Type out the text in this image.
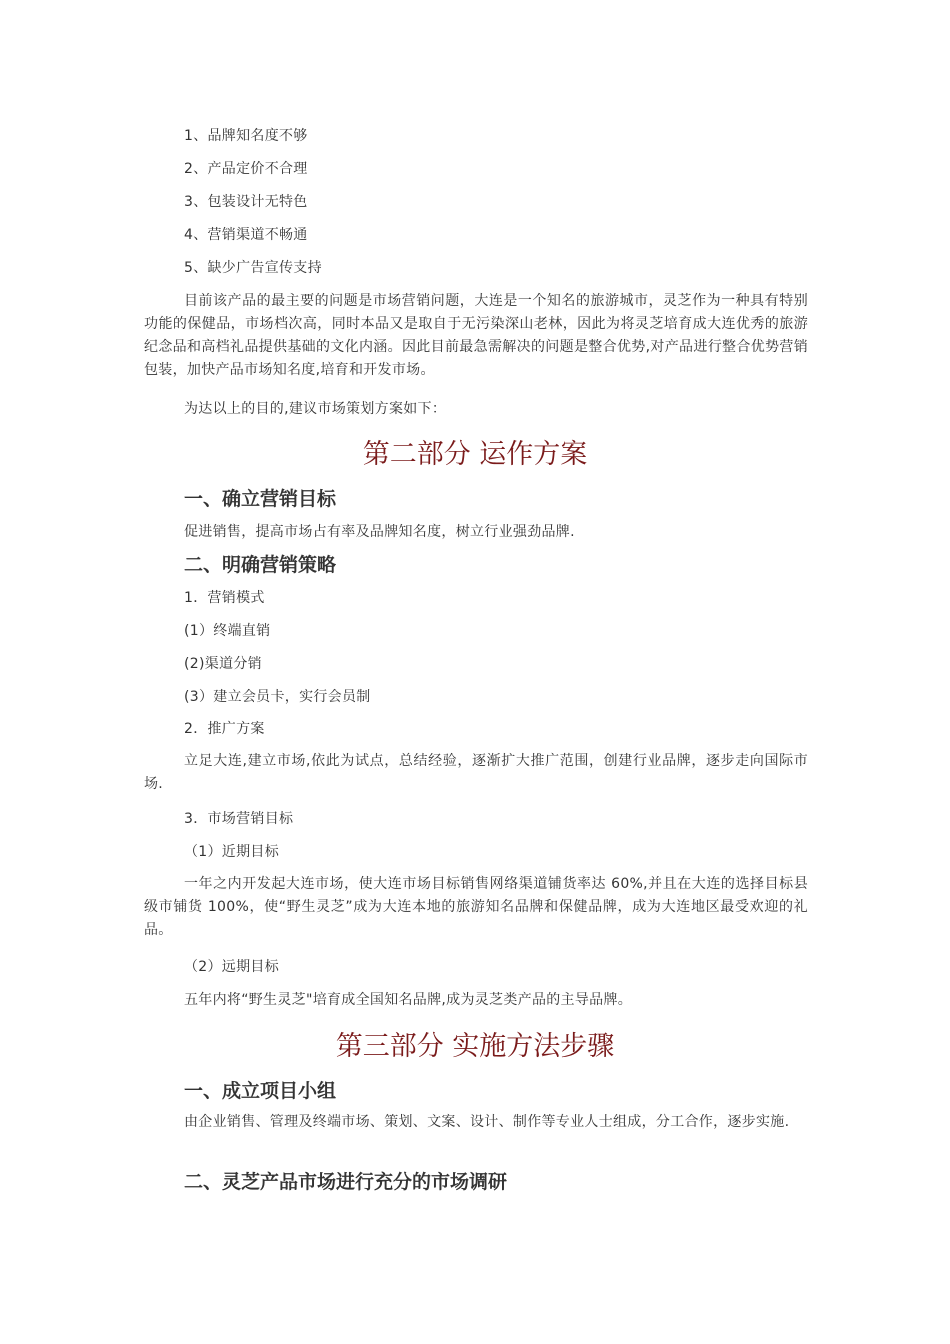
1、品牌知名度不够
2、产品定价不合理
3、包装设计无特色
4、营销渠道不畅通
5、缺少广告宣传支持
目前该产品的最主要的问题是市场营销问题，大连是一个知名的旅游城市，灵芝作为一种具有特别功能的保健品，市场档次高，同时本品又是取自于无污染深山老林，因此为将灵芝培育成大连优秀的旅游纪念品和高档礼品提供基础的文化内涵。因此目前最急需解决的问题是整合优势,对产品进行整合优势营销包装，加快产品市场知名度,培育和开发市场。
为达以上的目的,建议市场策划方案如下：
第二部分 运作方案
一、确立营销目标
促进销售，提高市场占有率及品牌知名度，树立行业强劲品牌.
二、明确营销策略
1．营销模式
(1）终端直销
(2)渠道分销
(3）建立会员卡，实行会员制
2．推广方案
立足大连,建立市场,依此为试点，总结经验，逐渐扩大推广范围，创建行业品牌，逐步走向国际市场.
3．市场营销目标
（1）近期目标
一年之内开发起大连市场，使大连市场目标销售网络渠道铺货率达 60%,并且在大连的选择目标县级市铺货 100%，使“野生灵芝”成为大连本地的旅游知名品牌和保健品牌，成为大连地区最受欢迎的礼品。
（2）远期目标
五年内将“野生灵芝"培育成全国知名品牌,成为灵芝类产品的主导品牌。
第三部分 实施方法步骤
一、成立项目小组
由企业销售、管理及终端市场、策划、文案、设计、制作等专业人士组成，分工合作，逐步实施.
二、灵芝产品市场进行充分的市场调研
